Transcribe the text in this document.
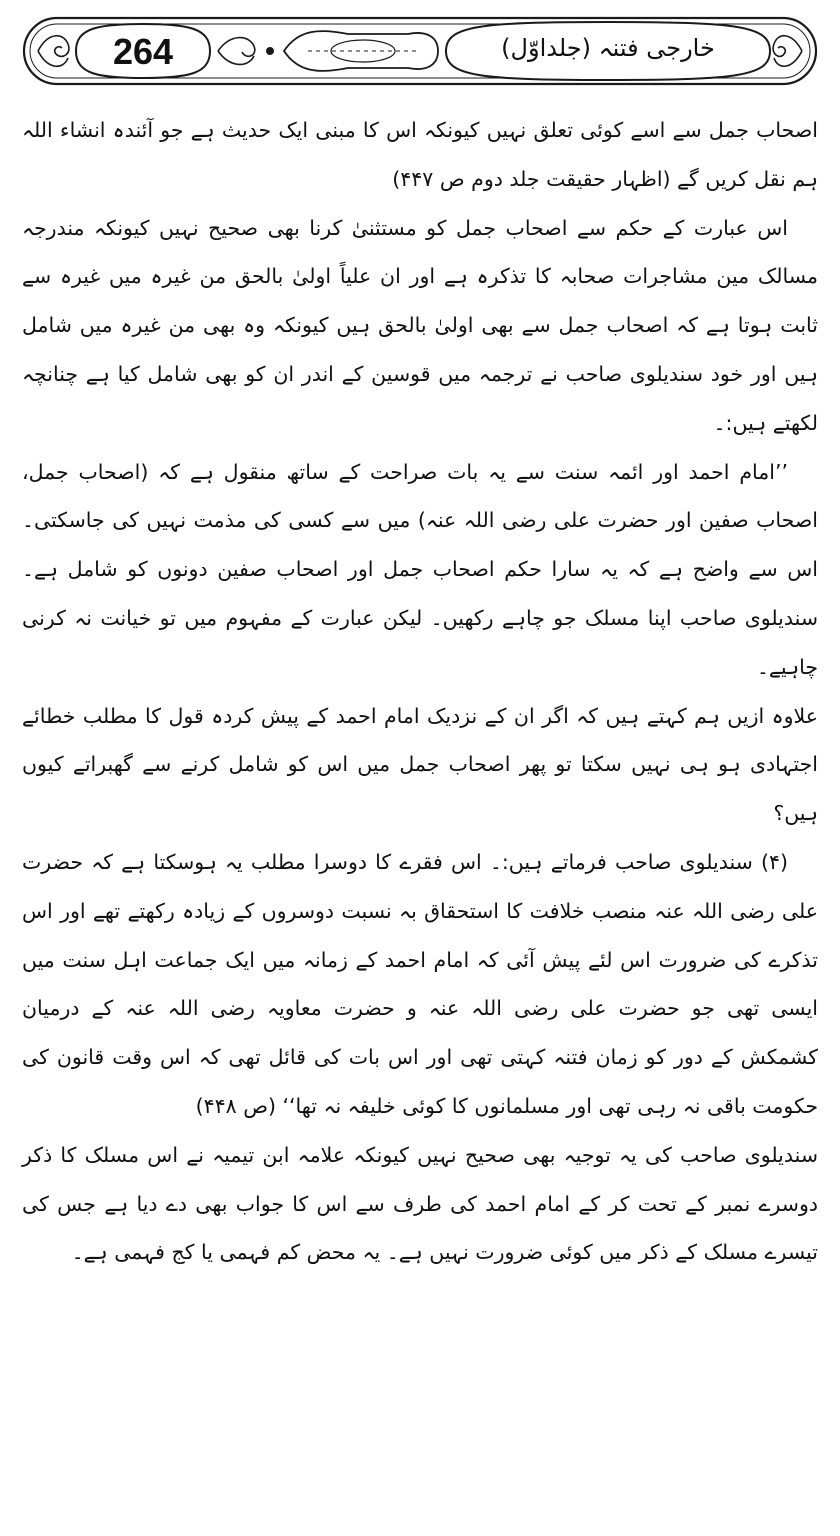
264	خارجی فتنہ (جلداوّل)

اصحاب جمل سے اسے کوئی تعلق نہیں کیونکہ اس کا مبنی ایک حدیث ہے جو آئندہ انشاء اللہ ہم نقل کریں گے (اظہار حقیقت جلد دوم ص ۴۴۷)

اس عبارت کے حکم سے اصحاب جمل کو مستثنیٰ کرنا بھی صحیح نہیں کیونکہ مندرجہ مسالک مین مشاجرات صحابہ کا تذکرہ ہے اور ان علیاً اولیٰ بالحق من غیرہ میں غیرہ سے ثابت ہوتا ہے کہ اصحاب جمل سے بھی اولیٰ بالحق ہیں کیونکہ وہ بھی من غیرہ میں شامل ہیں اور خود سندیلوی صاحب نے ترجمہ میں قوسین کے اندر ان کو بھی شامل کیا ہے چنانچہ لکھتے ہیں:۔

’’امام احمد اور ائمہ سنت سے یہ بات صراحت کے ساتھ منقول ہے کہ (اصحاب جمل، اصحاب صفین اور حضرت علی رضی اللہ عنہ) میں سے کسی کی مذمت نہیں کی جاسکتی۔ اس سے واضح ہے کہ یہ سارا حکم اصحاب جمل اور اصحاب صفین دونوں کو شامل ہے۔ سندیلوی صاحب اپنا مسلک جو چاہے رکھیں۔ لیکن عبارت کے مفہوم میں تو خیانت نہ کرنی چاہیے۔

علاوہ ازیں ہم کہتے ہیں کہ اگر ان کے نزدیک امام احمد کے پیش کردہ قول کا مطلب خطائے اجتہادی ہو ہی نہیں سکتا تو پھر اصحاب جمل میں اس کو شامل کرنے سے گھبراتے کیوں ہیں؟

(۴) سندیلوی صاحب فرماتے ہیں:۔ اس فقرے کا دوسرا مطلب یہ ہوسکتا ہے کہ حضرت علی رضی اللہ عنہ منصب خلافت کا استحقاق بہ نسبت دوسروں کے زیادہ رکھتے تھے اور اس تذکرے کی ضرورت اس لئے پیش آئی کہ امام احمد کے زمانہ میں ایک جماعت اہل سنت میں ایسی تھی جو حضرت علی رضی اللہ عنہ و حضرت معاویہ رضی اللہ عنہ کے درمیان کشمکش کے دور کو زمان فتنہ کہتی تھی اور اس بات کی قائل تھی کہ اس وقت قانون کی حکومت باقی نہ رہی تھی اور مسلمانوں کا کوئی خلیفہ نہ تھا‘‘ (ص ۴۴۸)

سندیلوی صاحب کی یہ توجیہ بھی صحیح نہیں کیونکہ علامہ ابن تیمیہ نے اس مسلک کا ذکر دوسرے نمبر کے تحت کر کے امام احمد کی طرف سے اس کا جواب بھی دے دیا ہے جس کی تیسرے مسلک کے ذکر میں کوئی ضرورت نہیں ہے۔ یہ محض کم فہمی یا کج فہمی ہے۔
